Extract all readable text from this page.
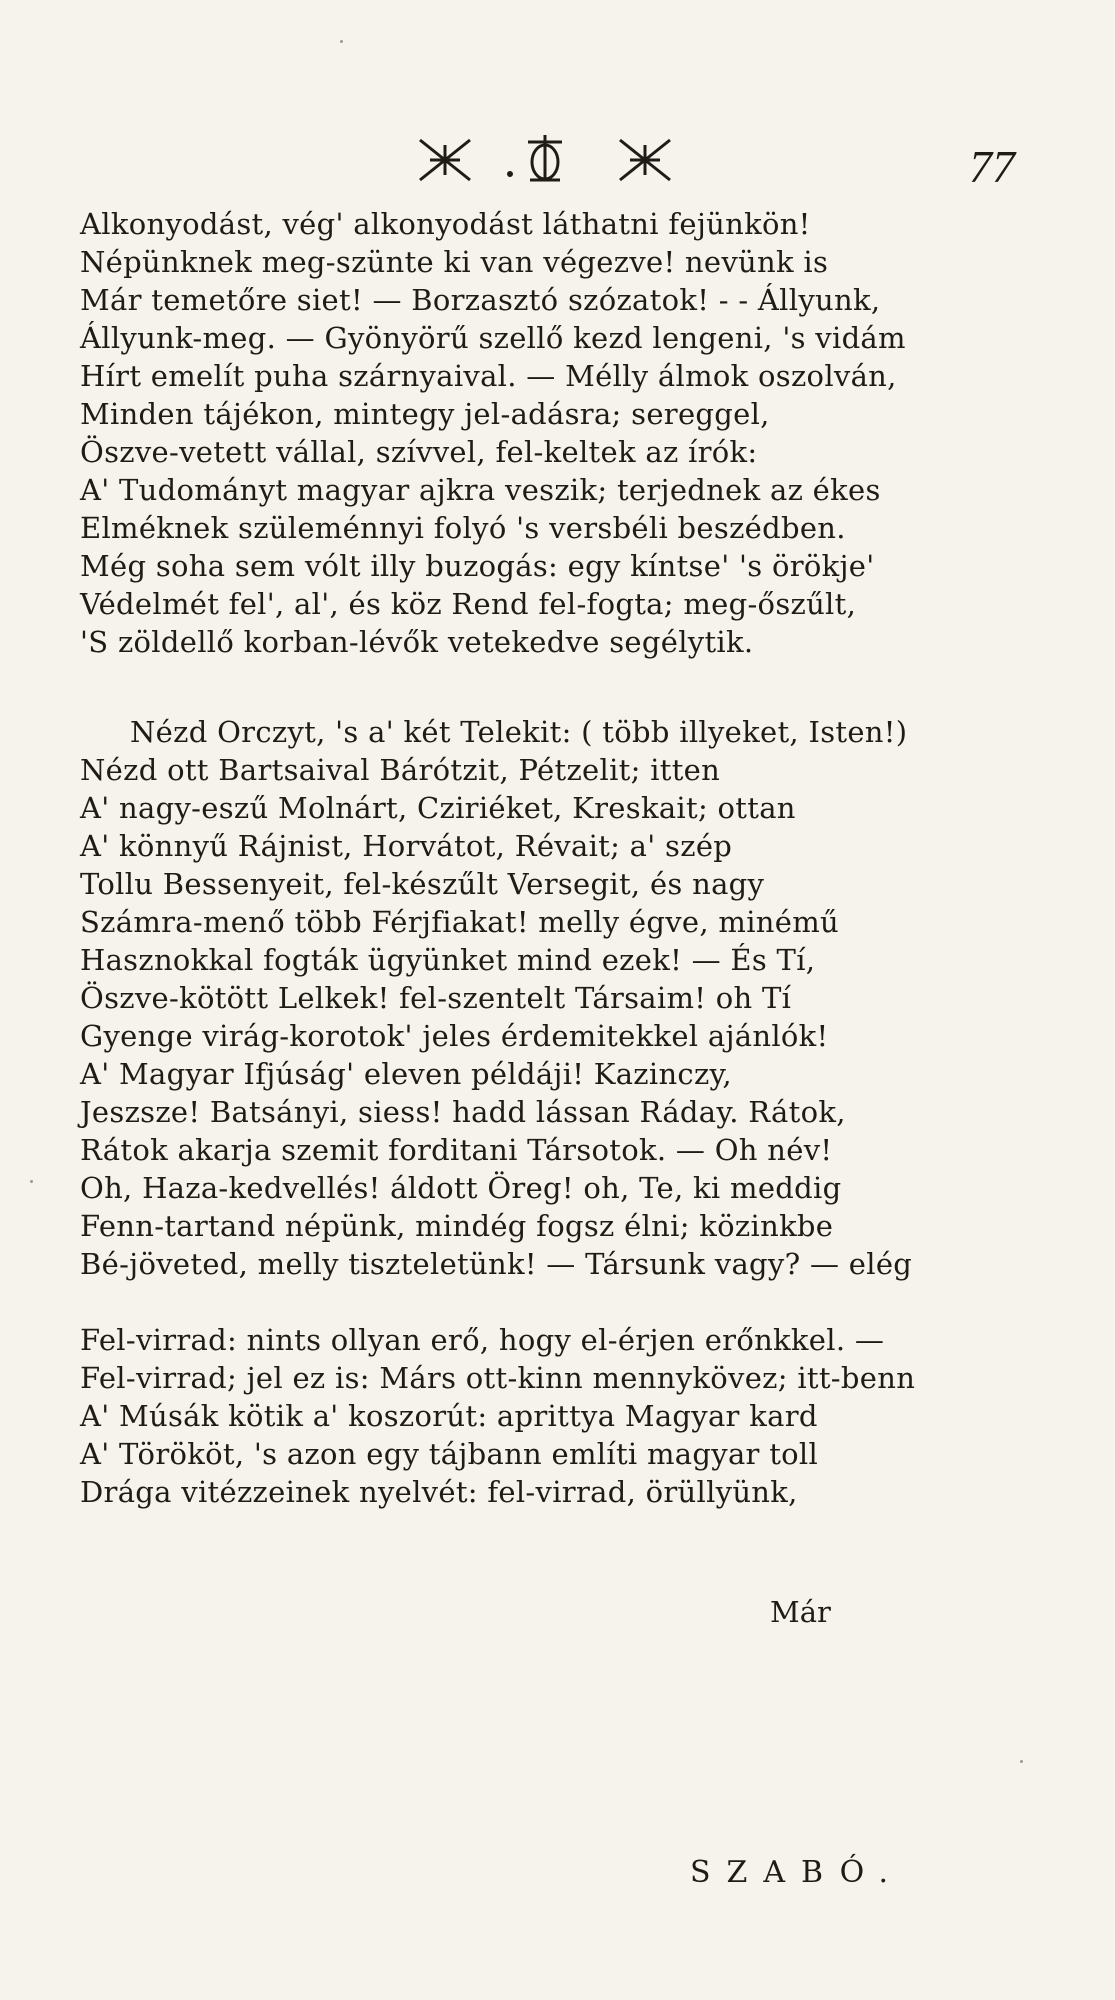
77
Alkonyodást, vég' alkonyodást láthatni fejünkön!
Népünknek meg-szünte ki van végezve! nevünk is
Már temetőre siet! — Borzasztó szózatok! - - Állyunk,
Állyunk-meg. — Gyönyörű szellő kezd lengeni, 's vidám
Hírt emelít puha szárnyaival. — Mélly álmok oszolván,
Minden tájékon, mintegy jel-adásra; sereggel,
Öszve-vetett vállal, szívvel, fel-keltek az írók:
A' Tudományt magyar ajkra veszik; terjednek az ékes
Elméknek szüleménnyi folyó 's versbéli beszédben.
Még soha sem vólt illy buzogás: egy kíntse' 's örökje'
Védelmét fel', al', és köz Rend fel-fogta; meg-őszűlt,
'S zöldellő korban-lévők vetekedve segélytik.
Nézd Orczyt, 's a' két Telekit: ( több illyeket, Isten!)
Nézd ott Bartsaival Bárótzit, Pétzelit; itten
A' nagy-eszű Molnárt, Cziriéket, Kreskait; ottan
A' könnyű Rájnist, Horvátot, Révait; a' szép
Tollu Bessenyeit, fel-készűlt Versegit, és nagy
Számra-menő több Férjfiakat! melly égve, minémű
Hasznokkal fogták ügyünket mind ezek! — És Tí,
Öszve-kötött Lelkek! fel-szentelt Társaim! oh Tí
Gyenge virág-korotok' jeles érdemitekkel ajánlók!
A' Magyar Ifjúság' eleven példáji! Kazinczy,
Jeszsze! Batsányi, siess! hadd lássan Ráday. Rátok,
Rátok akarja szemit forditani Társotok. — Oh név!
Oh, Haza-kedvellés! áldott Öreg! oh, Te, ki meddig
Fenn-tartand népünk, mindég fogsz élni; közinkbe
Bé-jöveted, melly tiszteletünk! — Társunk vagy? — elég
Fel-virrad: nints ollyan erő, hogy el-érjen erőnkkel. —
Fel-virrad; jel ez is: Márs ott-kinn mennykövez; itt-benn
A' Músák kötik a' koszorút: aprittya Magyar kard
A' Törököt, 's azon egy tájbann említi magyar toll
Drága vitézzeinek nyelvét: fel-virrad, örüllyünk,
Már
SZABÓ.
